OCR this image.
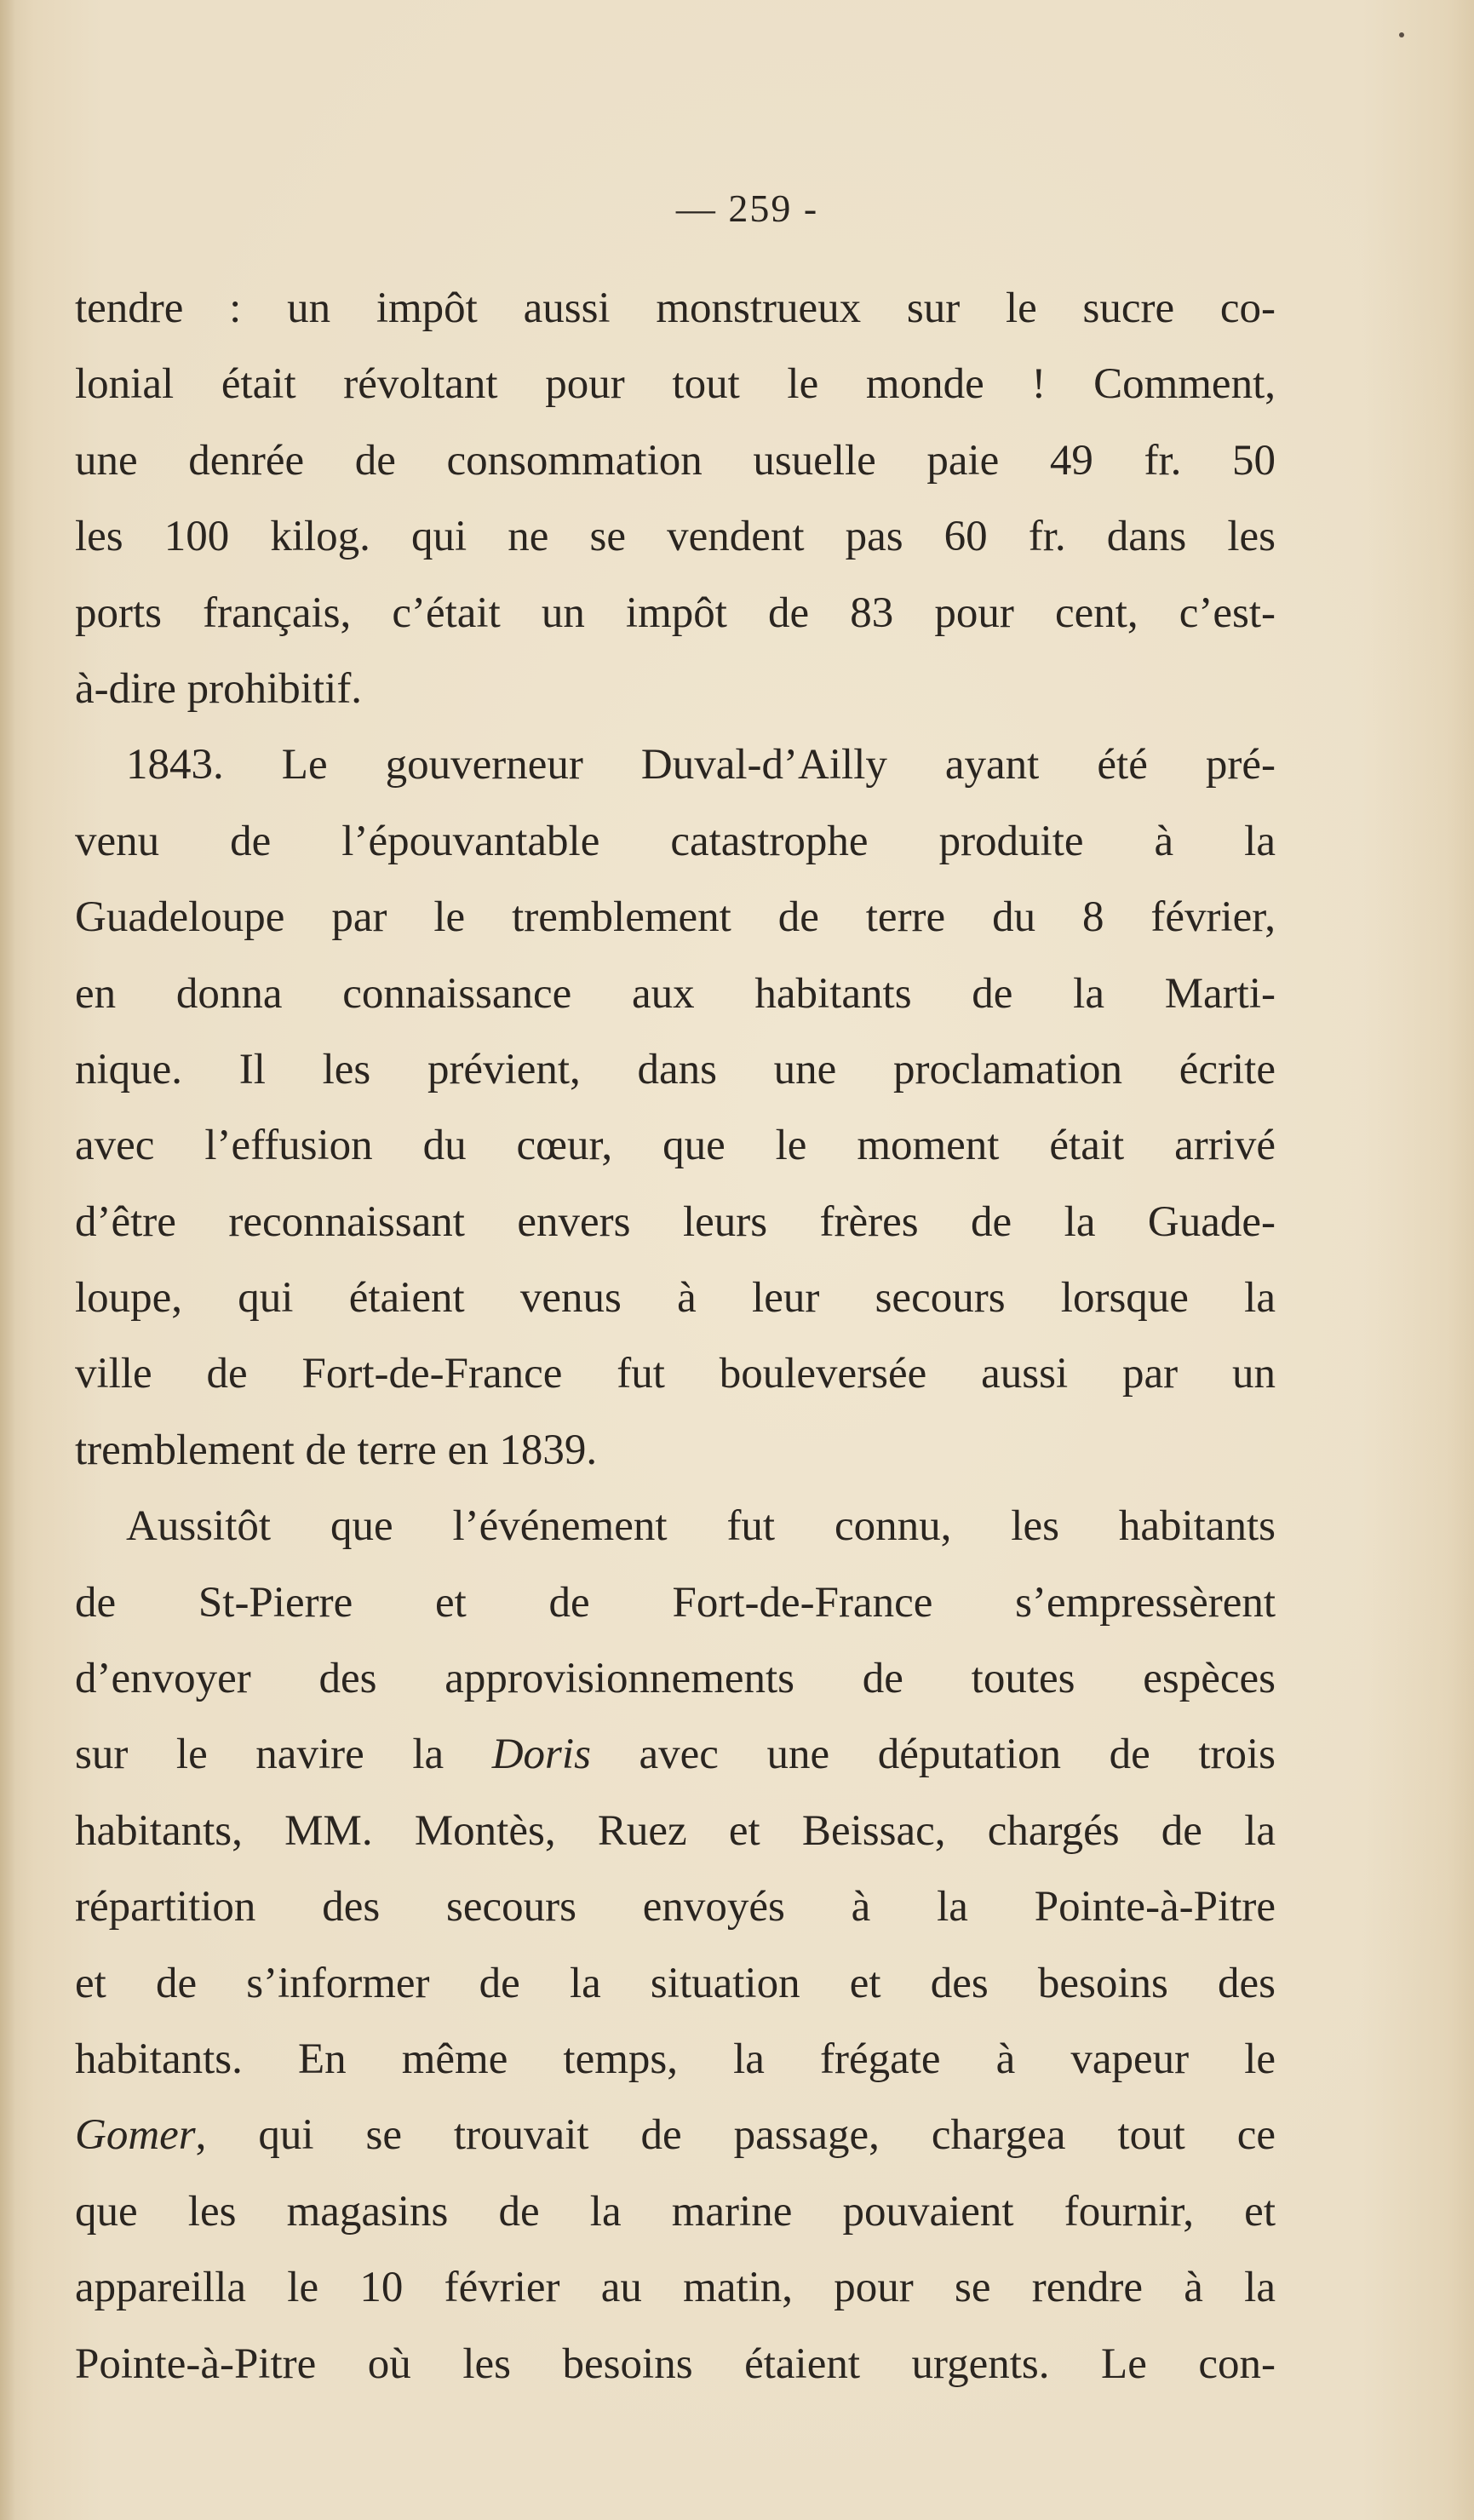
— 259 -
tendre : un impôt aussi monstrueux sur le sucre co-
lonial était révoltant pour tout le monde ! Comment,
une denrée de consommation usuelle paie 49 fr. 50
les 100 kilog. qui ne se vendent pas 60 fr. dans les
ports français, c’était un impôt de 83 pour cent, c’est-
à-dire prohibitif.
1843. Le gouverneur Duval-d’Ailly ayant été pré-
venu de l’épouvantable catastrophe produite à la
Guadeloupe par le tremblement de terre du 8 février,
en donna connaissance aux habitants de la Marti-
nique. Il les prévient, dans une proclamation écrite
avec l’effusion du cœur, que le moment était arrivé
d’être reconnaissant envers leurs frères de la Guade-
loupe, qui étaient venus à leur secours lorsque la
ville de Fort-de-France fut bouleversée aussi par un
tremblement de terre en 1839.
Aussitôt que l’événement fut connu, les habitants
de St-Pierre et de Fort-de-France s’empressèrent
d’envoyer des approvisionnements de toutes espèces
sur le navire la Doris avec une députation de trois
habitants, MM. Montès, Ruez et Beissac, chargés de la
répartition des secours envoyés à la Pointe-à-Pitre
et de s’informer de la situation et des besoins des
habitants. En même temps, la frégate à vapeur le
Gomer, qui se trouvait de passage, chargea tout ce
que les magasins de la marine pouvaient fournir, et
appareilla le 10 février au matin, pour se rendre à la
Pointe-à-Pitre où les besoins étaient urgents. Le con-
